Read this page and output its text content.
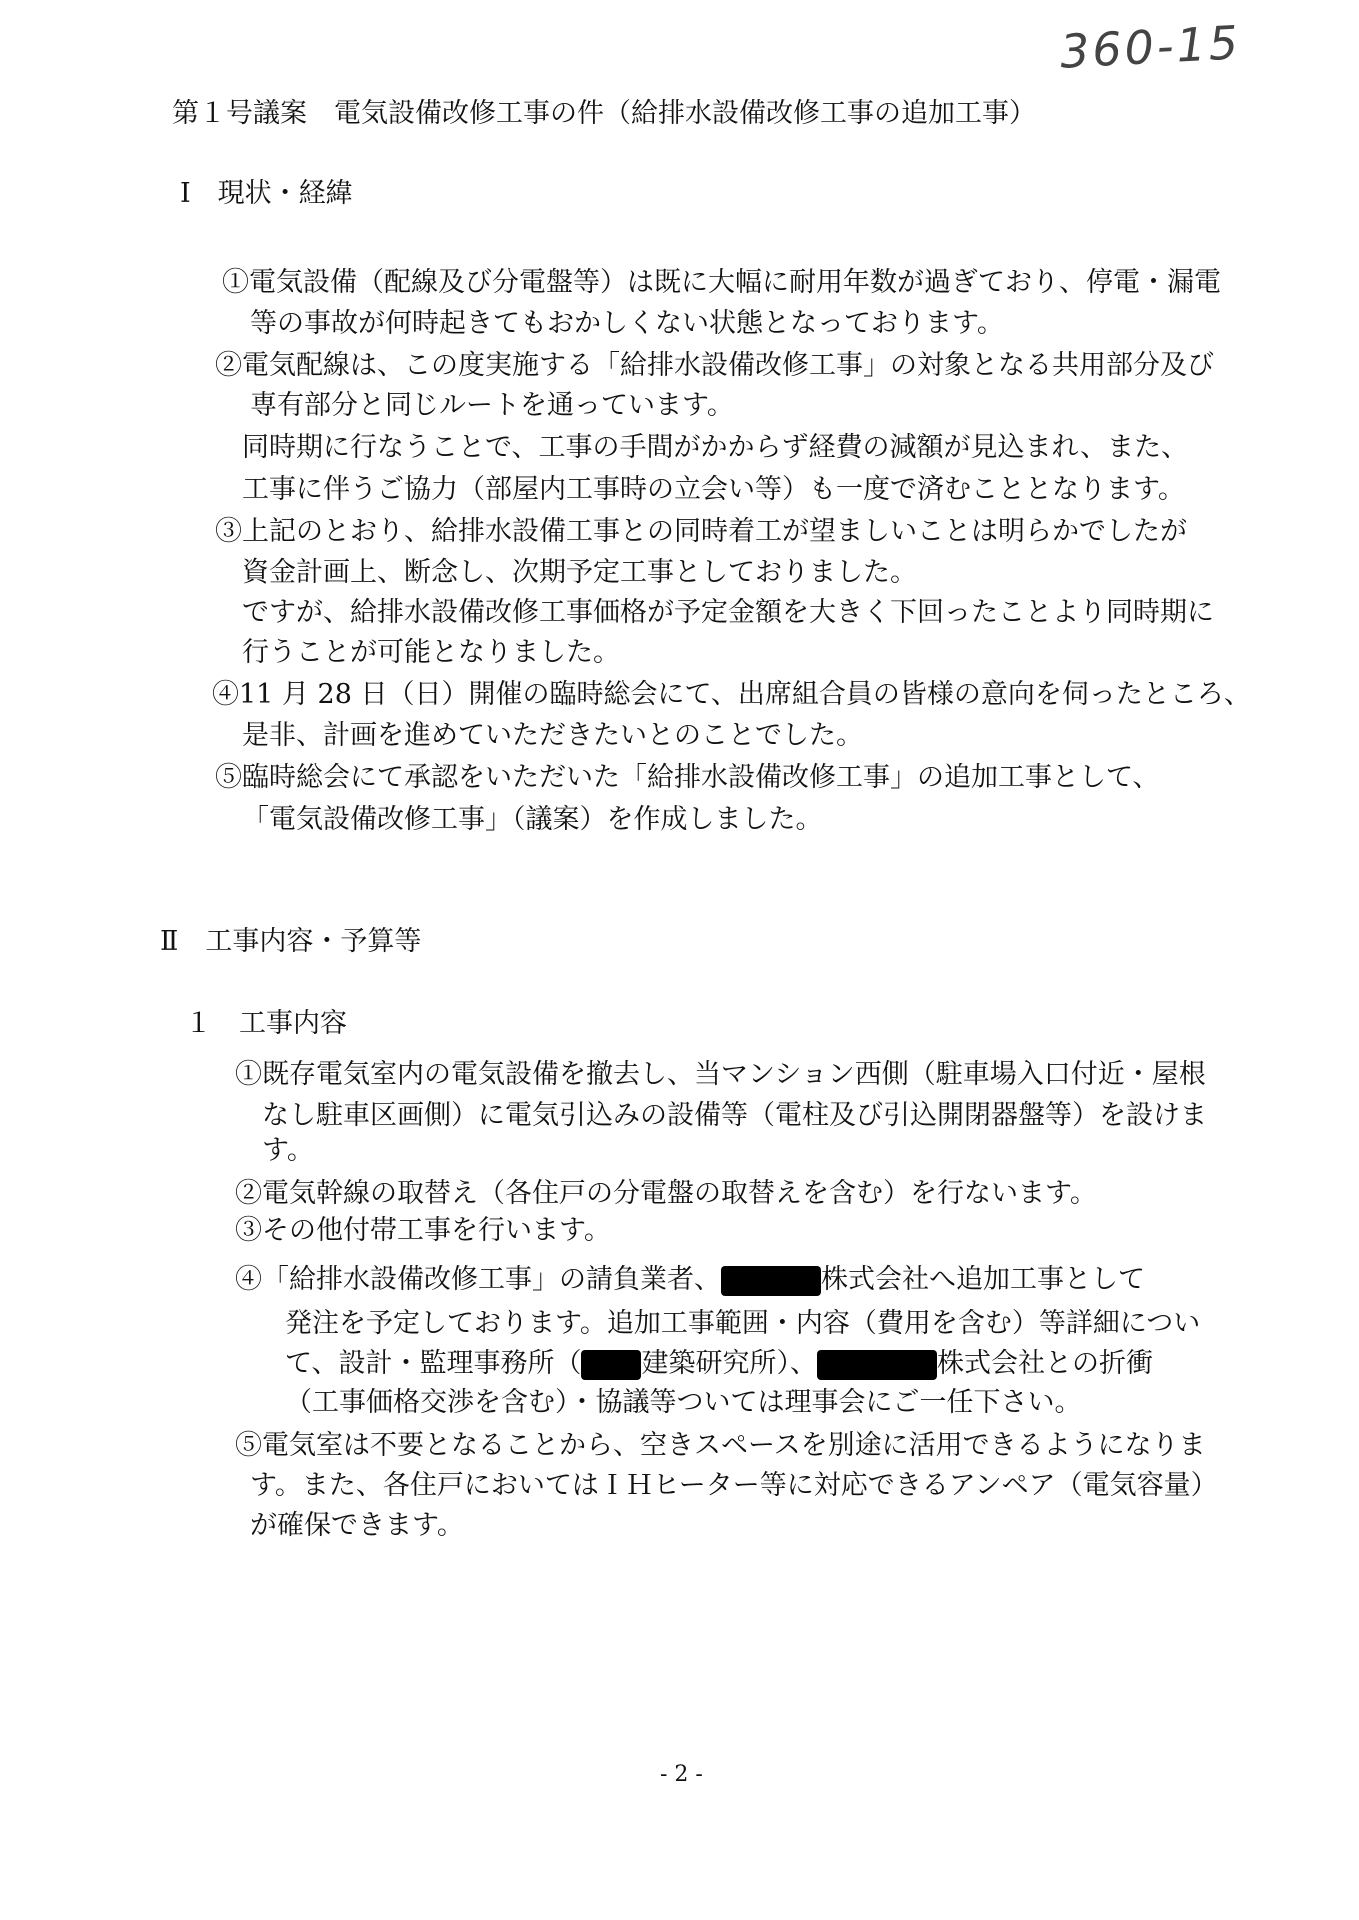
360-15
第１号議案　電気設備改修工事の件（給排水設備改修工事の追加工事）
Ⅰ　現状・経緯
①電気設備（配線及び分電盤等）は既に大幅に耐用年数が過ぎており、停電・漏電
等の事故が何時起きてもおかしくない状態となっております。
②電気配線は、この度実施する「給排水設備改修工事」の対象となる共用部分及び
専有部分と同じルートを通っています。
同時期に行なうことで、工事の手間がかからず経費の減額が見込まれ、また、
工事に伴うご協力（部屋内工事時の立会い等）も一度で済むこととなります。
③上記のとおり、給排水設備工事との同時着工が望ましいことは明らかでしたが
資金計画上、断念し、次期予定工事としておりました。
ですが、給排水設備改修工事価格が予定金額を大きく下回ったことより同時期に
行うことが可能となりました。
④11 月 28 日（日）開催の臨時総会にて、出席組合員の皆様の意向を伺ったところ、
是非、計画を進めていただきたいとのことでした。
⑤臨時総会にて承認をいただいた「給排水設備改修工事」の追加工事として、
「電気設備改修工事」（議案）を作成しました。
Ⅱ　工事内容・予算等
１　工事内容
①既存電気室内の電気設備を撤去し、当マンション西側（駐車場入口付近・屋根
なし駐車区画側）に電気引込みの設備等（電柱及び引込開閉器盤等）を設けま
す。
②電気幹線の取替え（各住戸の分電盤の取替えを含む）を行ないます。
③その他付帯工事を行います。
④「給排水設備改修工事」の請負業者、	株式会社へ追加工事として
発注を予定しております。追加工事範囲・内容（費用を含む）等詳細につい
て、設計・監理事務所（ 建築研究所）、	株式会社との折衝
（工事価格交渉を含む）・協議等ついては理事会にご一任下さい。
⑤電気室は不要となることから、空きスペースを別途に活用できるようになりま
す。また、各住戸においてはＩＨヒーター等に対応できるアンペア（電気容量）
が確保できます。
- 2 -
